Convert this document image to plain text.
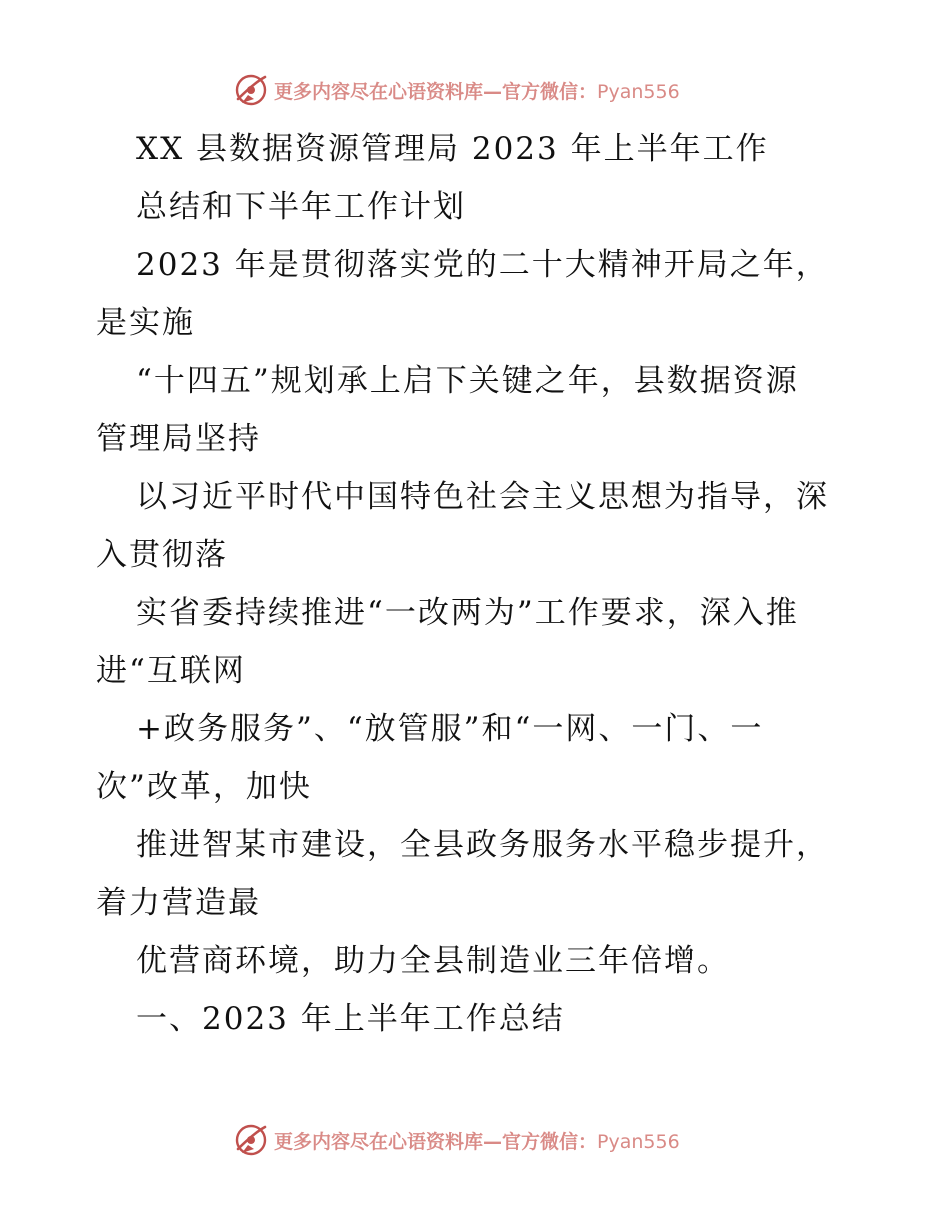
更多内容尽在心语资料库—官方微信：Pyan556
XX 县数据资源管理局 2023 年上半年工作
总结和下半年工作计划
2023 年是贯彻落实党的二十大精神开局之年，
是实施
“十四五”规划承上启下关键之年，县数据资源
管理局坚持
以习近平时代中国特色社会主义思想为指导，深
入贯彻落
实省委持续推进“一改两为”工作要求，深入推
进“互联网
+政务服务”、“放管服”和“一网、一门、一
次”改革，加快
推进智某市建设，全县政务服务水平稳步提升，
着力营造最
优营商环境，助力全县制造业三年倍增。
一、2023 年上半年工作总结
更多内容尽在心语资料库—官方微信：Pyan556
